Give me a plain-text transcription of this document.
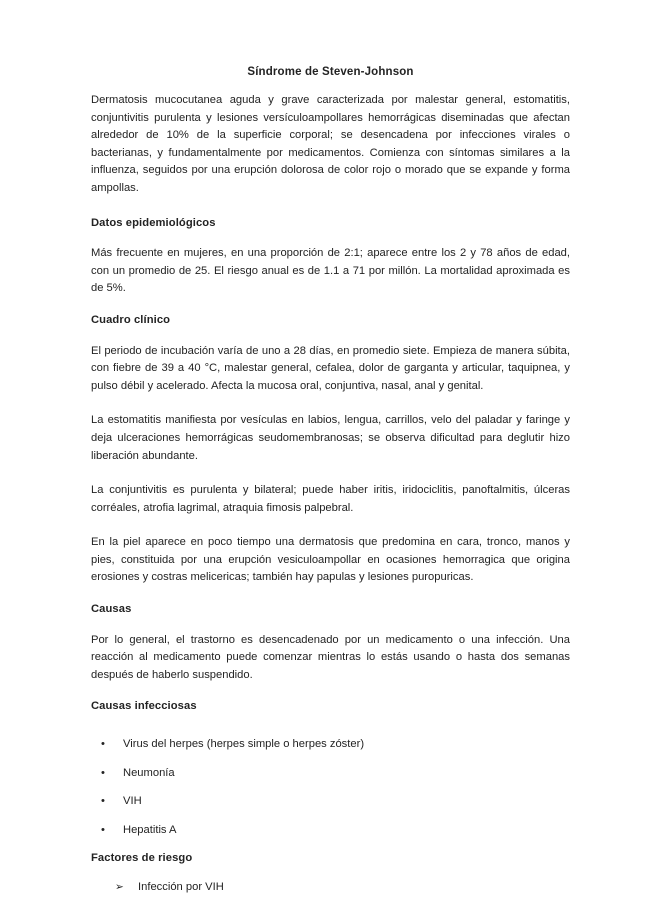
Síndrome de Steven-Johnson

Dermatosis mucocutanea aguda y grave caracterizada por malestar general, estomatitis, conjuntivitis purulenta y lesiones versículoampollares hemorrágicas diseminadas que afectan alrededor de 10% de la superficie corporal; se desencadena por infecciones virales o bacterianas, y fundamentalmente por medicamentos. Comienza con síntomas similares a la influenza, seguidos por una erupción dolorosa de color rojo o morado que se expande y forma ampollas.

Datos epidemiológicos

Más frecuente en mujeres, en una proporción de 2:1; aparece entre los 2 y 78 años de edad, con un promedio de 25. El riesgo anual es de 1.1 a 71 por millón. La mortalidad aproximada es de 5%.

Cuadro clínico

El periodo de incubación varía de uno a 28 días, en promedio siete. Empieza de manera súbita, con fiebre de 39 a 40 °C, malestar general, cefalea, dolor de garganta y articular, taquipnea, y pulso débil y acelerado. Afecta la mucosa oral, conjuntiva, nasal, anal y genital.

La estomatitis manifiesta por vesículas en labios, lengua, carrillos, velo del paladar y faringe y deja ulceraciones hemorrágicas seudomembranosas; se observa dificultad para deglutir hizo liberación abundante.

La conjuntivitis es purulenta y bilateral; puede haber iritis, iridociclitis, panoftalmitis, úlceras corréales, atrofia lagrimal, atraquia fimosis palpebral.

En la piel aparece en poco tiempo una dermatosis que predomina en cara, tronco, manos y pies, constituida por una erupción vesiculoampollar en ocasiones hemorragica que origina erosiones y costras melicericas; también hay papulas y lesiones puropuricas.

Causas

Por lo general, el trastorno es desencadenado por un medicamento o una infección. Una reacción al medicamento puede comenzar mientras lo estás usando o hasta dos semanas después de haberlo suspendido.

Causas infecciosas
• Virus del herpes (herpes simple o herpes zóster)
• Neumonía
• VIH
• Hepatitis A
Factores de riesgo
➢ Infección por VIH
